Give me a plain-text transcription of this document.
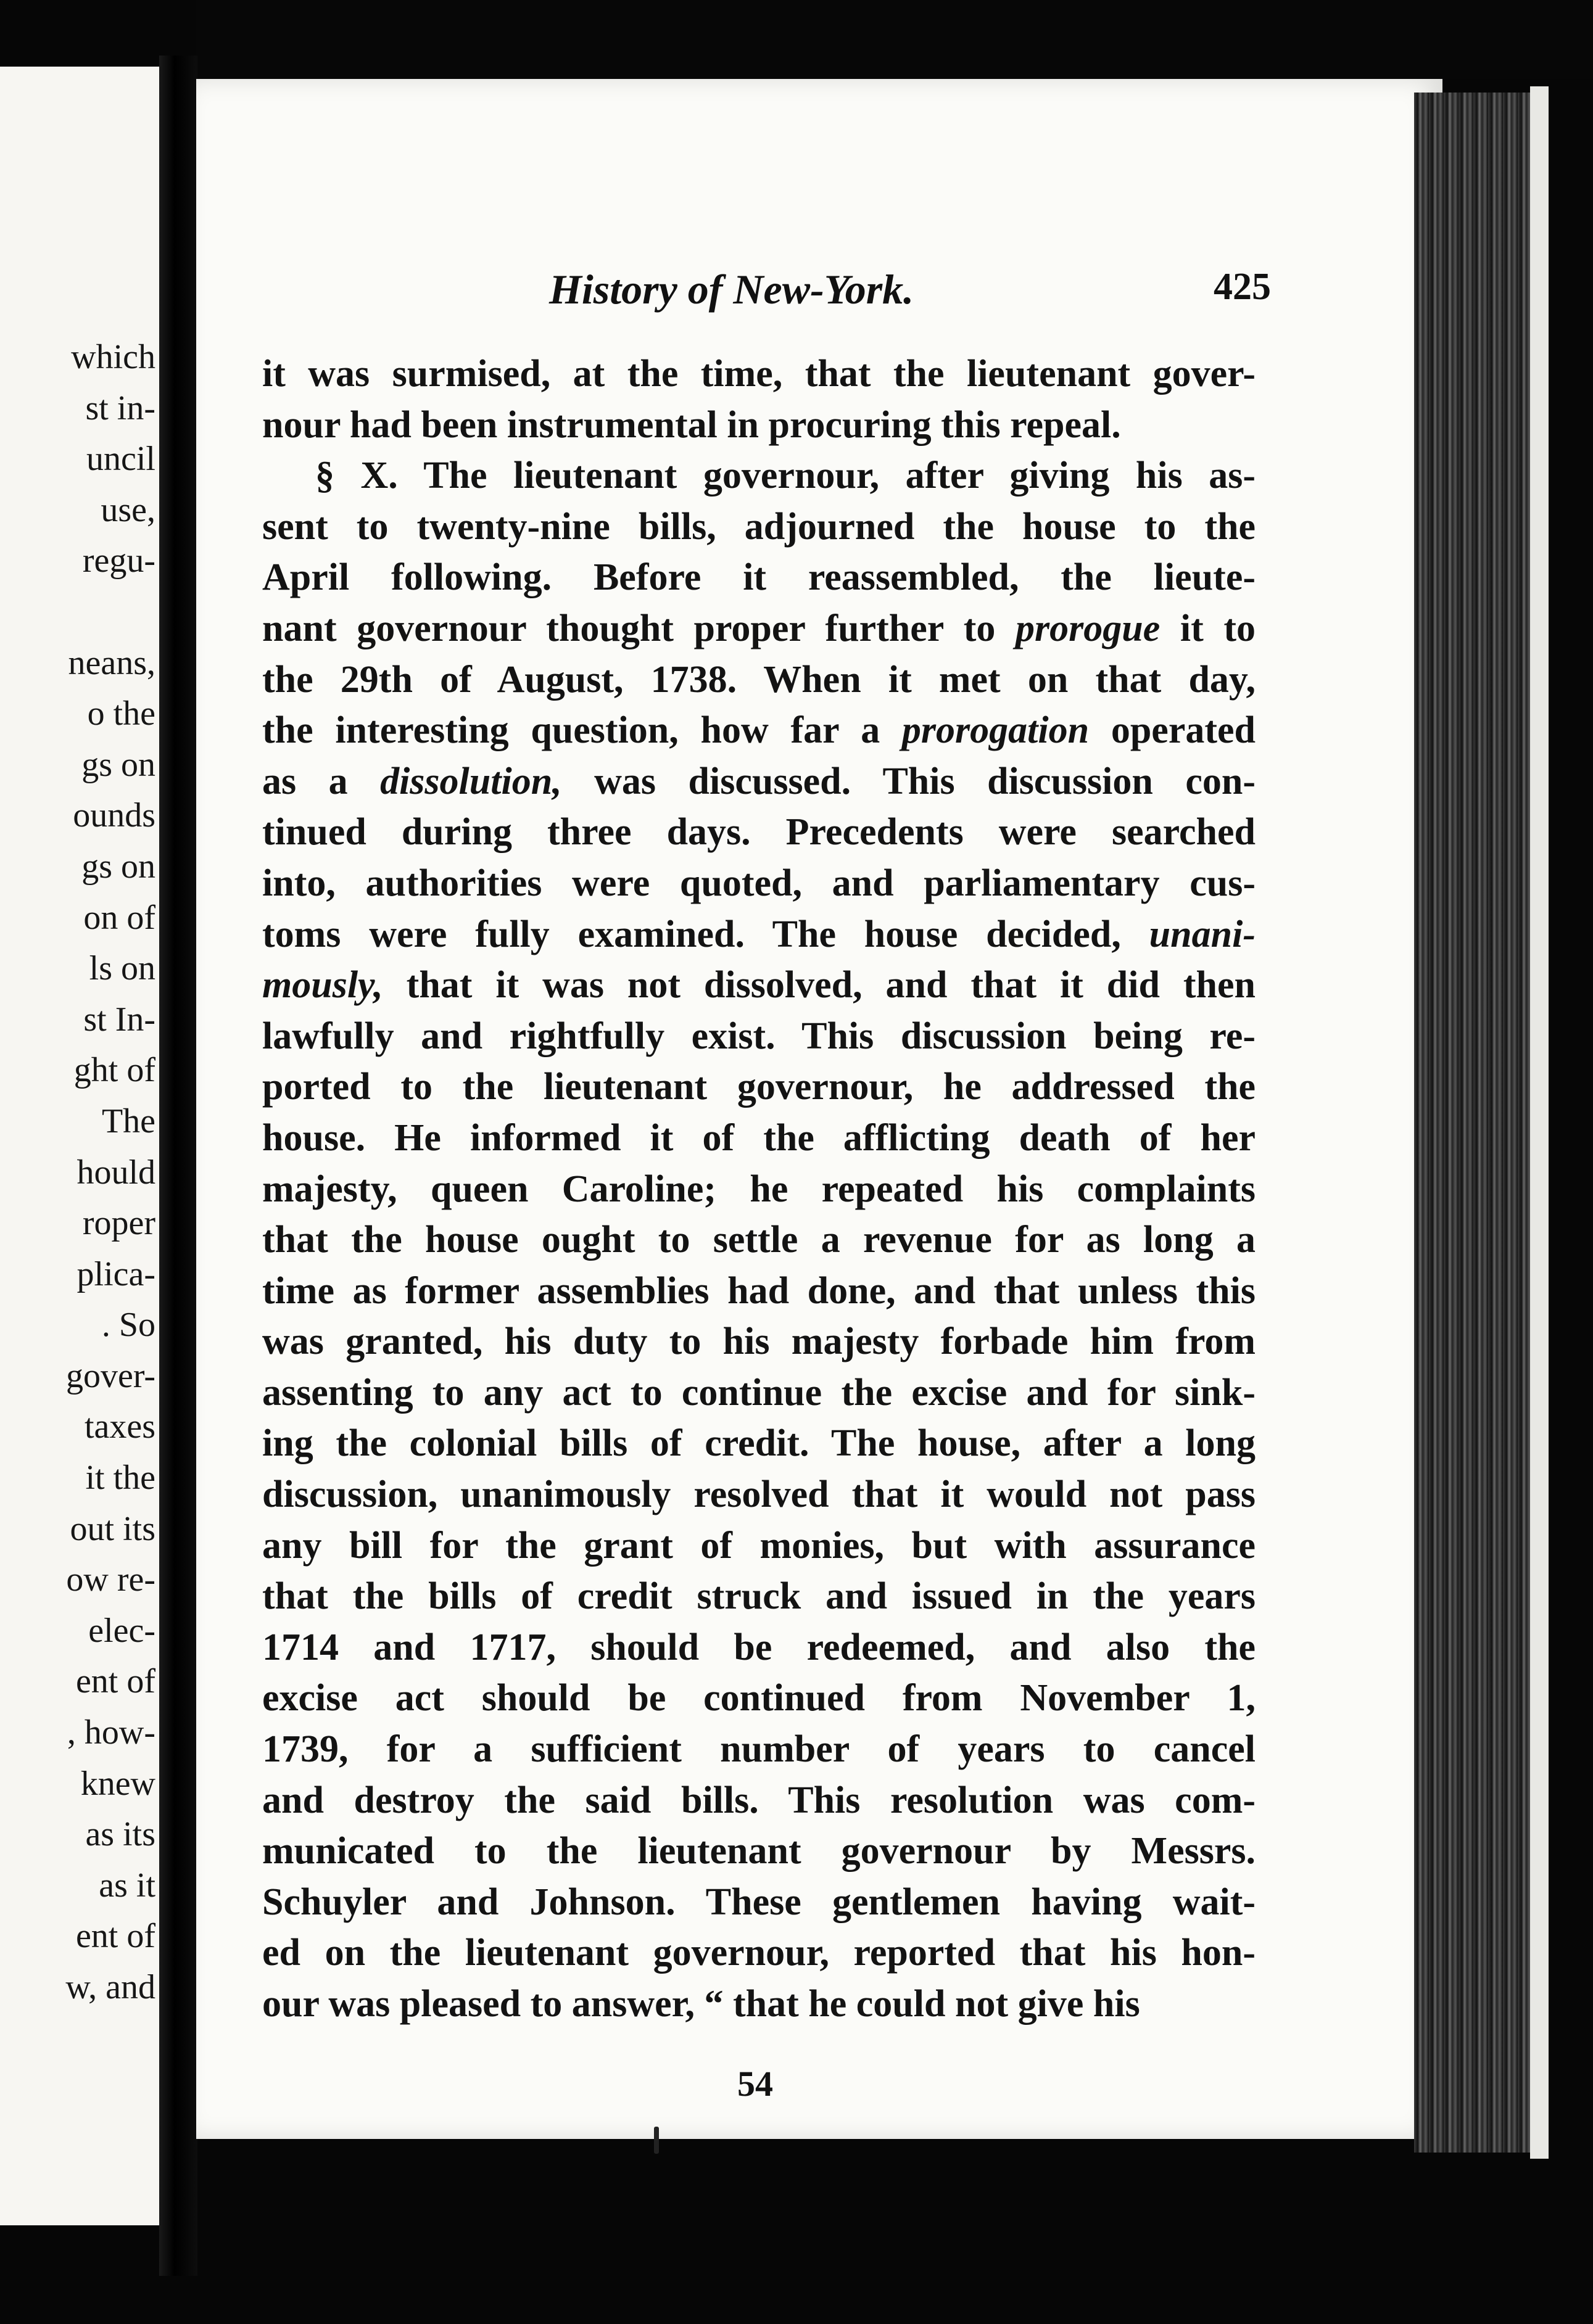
which
st in-
uncil
use,
regu-
neans,
o the
gs on
ounds
gs on
on of
ls on
st In-
ght of
The
hould
roper
plica-
. So
gover-
taxes
it the
out its
ow re-
elec-
ent of
, how-
knew
as its
as it
ent of
w, and
History of New-York.	425
it was surmised, at the time, that the lieutenant gover-
nour had been instrumental in procuring this repeal.
§ X. The lieutenant governour, after giving his as-
sent to twenty-nine bills, adjourned the house to the
April following. Before it reassembled, the lieute-
nant governour thought proper further to prorogue it to
the 29th of August, 1738. When it met on that day,
the interesting question, how far a prorogation operated
as a dissolution, was discussed. This discussion con-
tinued during three days. Precedents were searched
into, authorities were quoted, and parliamentary cus-
toms were fully examined. The house decided, unani-
mously, that it was not dissolved, and that it did then
lawfully and rightfully exist. This discussion being re-
ported to the lieutenant governour, he addressed the
house. He informed it of the afflicting death of her
majesty, queen Caroline; he repeated his complaints
that the house ought to settle a revenue for as long a
time as former assemblies had done, and that unless this
was granted, his duty to his majesty forbade him from
assenting to any act to continue the excise and for sink-
ing the colonial bills of credit. The house, after a long
discussion, unanimously resolved that it would not pass
any bill for the grant of monies, but with assurance
that the bills of credit struck and issued in the years
1714 and 1717, should be redeemed, and also the
excise act should be continued from November 1,
1739, for a sufficient number of years to cancel
and destroy the said bills. This resolution was com-
municated to the lieutenant governour by Messrs.
Schuyler and Johnson. These gentlemen having wait-
ed on the lieutenant governour, reported that his hon-
our was pleased to answer, “ that he could not give his
54
